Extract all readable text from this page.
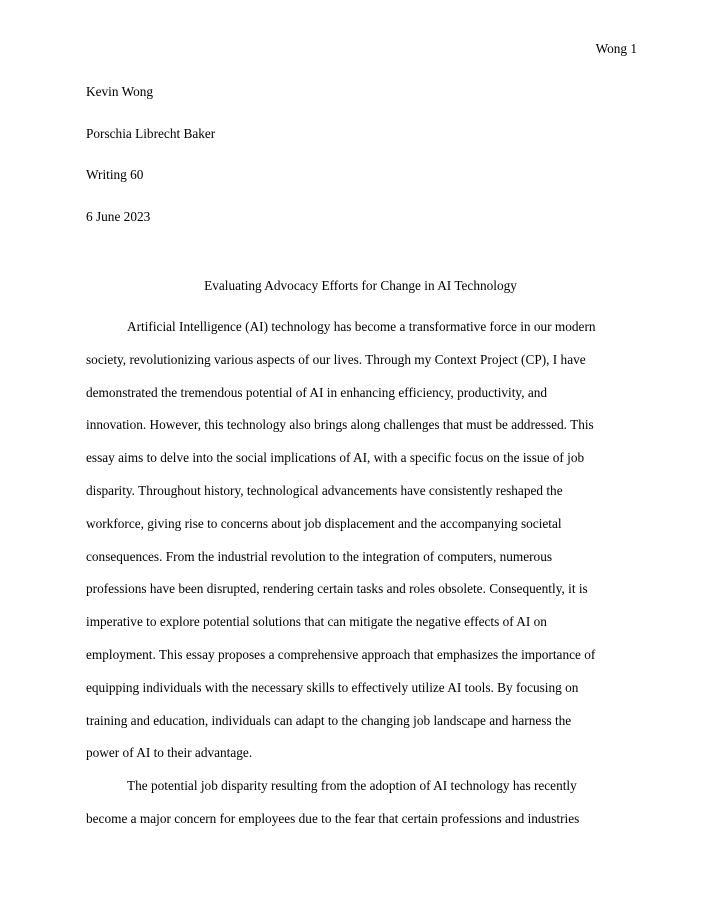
Wong 1
Kevin Wong
Porschia Librecht Baker
Writing 60
6 June 2023
Evaluating Advocacy Efforts for Change in AI Technology
Artificial Intelligence (AI) technology has become a transformative force in our modern
society, revolutionizing various aspects of our lives. Through my Context Project (CP), I have
demonstrated the tremendous potential of AI in enhancing efficiency, productivity, and
innovation. However, this technology also brings along challenges that must be addressed. This
essay aims to delve into the social implications of AI, with a specific focus on the issue of job
disparity. Throughout history, technological advancements have consistently reshaped the
workforce, giving rise to concerns about job displacement and the accompanying societal
consequences. From the industrial revolution to the integration of computers, numerous
professions have been disrupted, rendering certain tasks and roles obsolete. Consequently, it is
imperative to explore potential solutions that can mitigate the negative effects of AI on
employment. This essay proposes a comprehensive approach that emphasizes the importance of
equipping individuals with the necessary skills to effectively utilize AI tools. By focusing on
training and education, individuals can adapt to the changing job landscape and harness the
power of AI to their advantage.
The potential job disparity resulting from the adoption of AI technology has recently
become a major concern for employees due to the fear that certain professions and industries
